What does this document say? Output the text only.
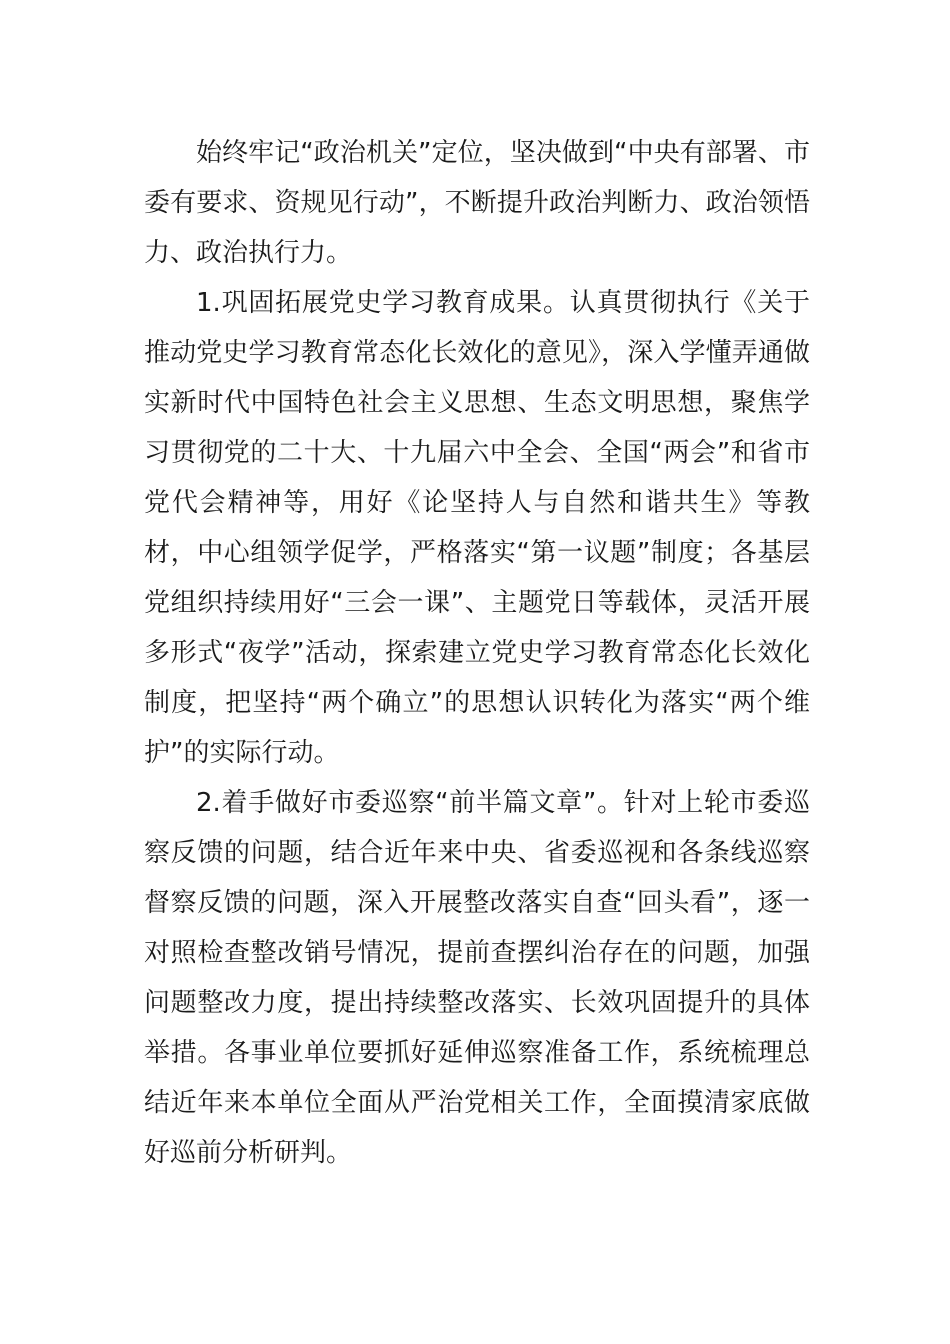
始终牢记“政治机关”定位，坚决做到“中央有部署、市委有要求、资规见行动”，不断提升政治判断力、政治领悟力、政治执行力。

1.巩固拓展党史学习教育成果。认真贯彻执行《关于推动党史学习教育常态化长效化的意见》，深入学懂弄通做实新时代中国特色社会主义思想、生态文明思想，聚焦学习贯彻党的二十大、十九届六中全会、全国“两会”和省市党代会精神等，用好《论坚持人与自然和谐共生》等教材，中心组领学促学，严格落实“第一议题”制度；各基层党组织持续用好“三会一课”、主题党日等载体，灵活开展多形式“夜学”活动，探索建立党史学习教育常态化长效化制度，把坚持“两个确立”的思想认识转化为落实“两个维护”的实际行动。

2.着手做好市委巡察“前半篇文章”。针对上轮市委巡察反馈的问题，结合近年来中央、省委巡视和各条线巡察督察反馈的问题，深入开展整改落实自查“回头看”，逐一对照检查整改销号情况，提前查摆纠治存在的问题，加强问题整改力度，提出持续整改落实、长效巩固提升的具体举措。各事业单位要抓好延伸巡察准备工作，系统梳理总结近年来本单位全面从严治党相关工作，全面摸清家底做好巡前分析研判。
